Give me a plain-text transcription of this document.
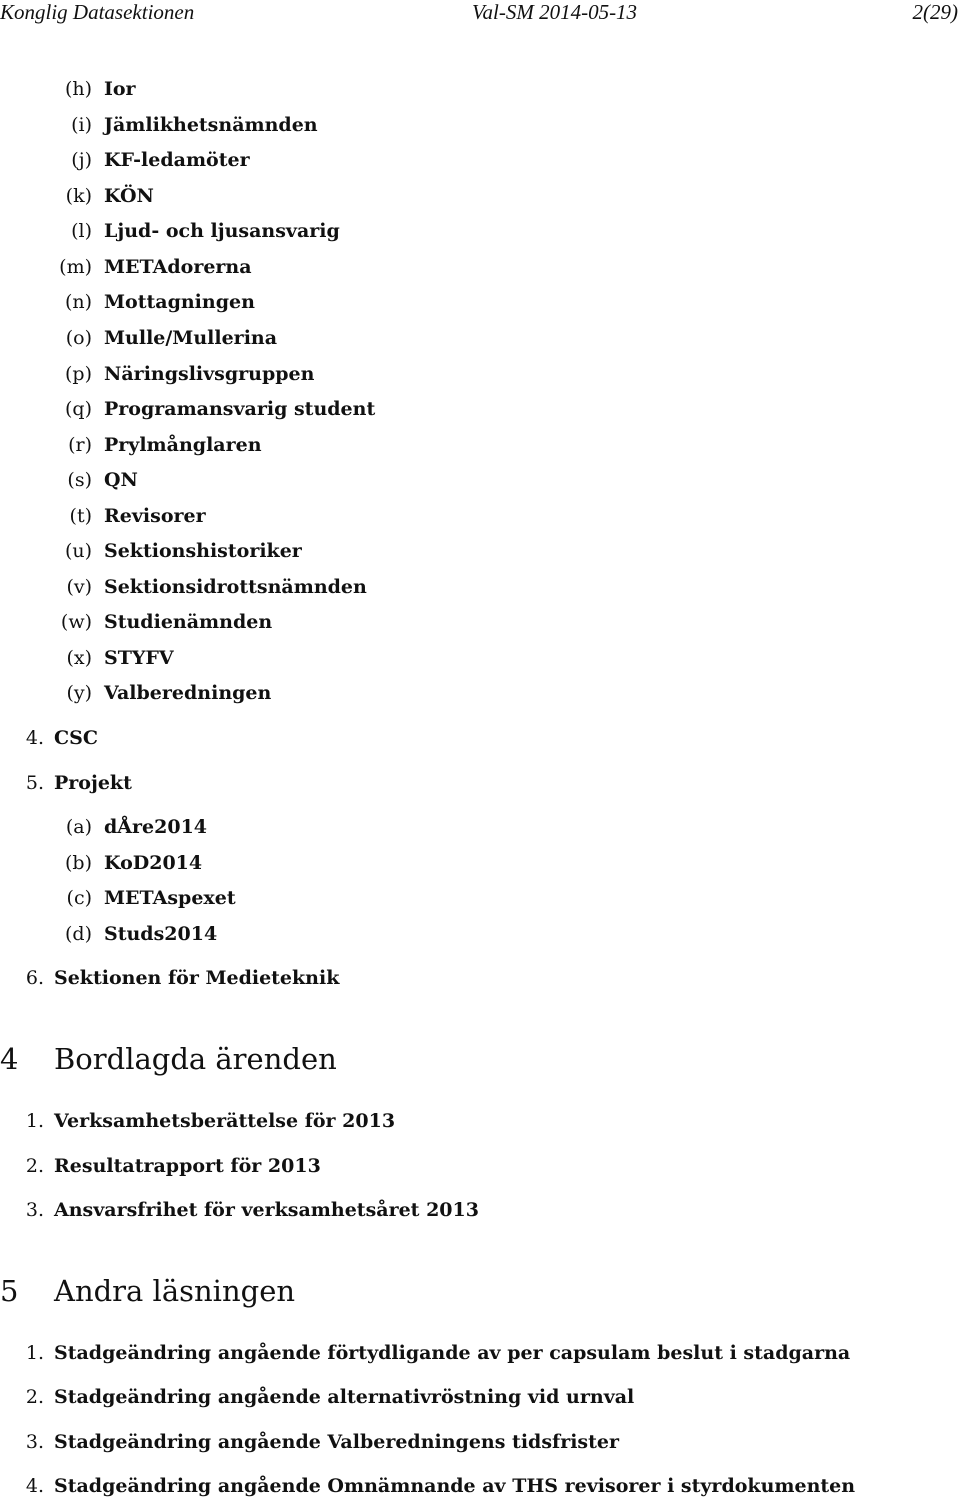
Konglig Datasektionen	Val-SM 2014-05-13	2(29)
(h) Ior
(i) Jämlikhetsnämnden
(j) KF-ledamöter
(k) KÖN
(l) Ljud- och ljusansvarig
(m) METAdorerna
(n) Mottagningen
(o) Mulle/Mullerina
(p) Näringslivsgruppen
(q) Programansvarig student
(r) Prylmånglaren
(s) QN
(t) Revisorer
(u) Sektionshistoriker
(v) Sektionsidrottsnämnden
(w) Studienämnden
(x) STYFV
(y) Valberedningen
4. CSC
5. Projekt
(a) dÅre2014
(b) KoD2014
(c) METAspexet
(d) Studs2014
6. Sektionen för Medieteknik
4 Bordlagda ärenden
1. Verksamhetsberättelse för 2013
2. Resultatrapport för 2013
3. Ansvarsfrihet för verksamhetsåret 2013
5 Andra läsningen
1. Stadgeändring angående förtydligande av per capsulam beslut i stadgarna
2. Stadgeändring angående alternativröstning vid urnval
3. Stadgeändring angående Valberedningens tidsfrister
4. Stadgeändring angående Omnämnande av THS revisorer i styrdokumenten
